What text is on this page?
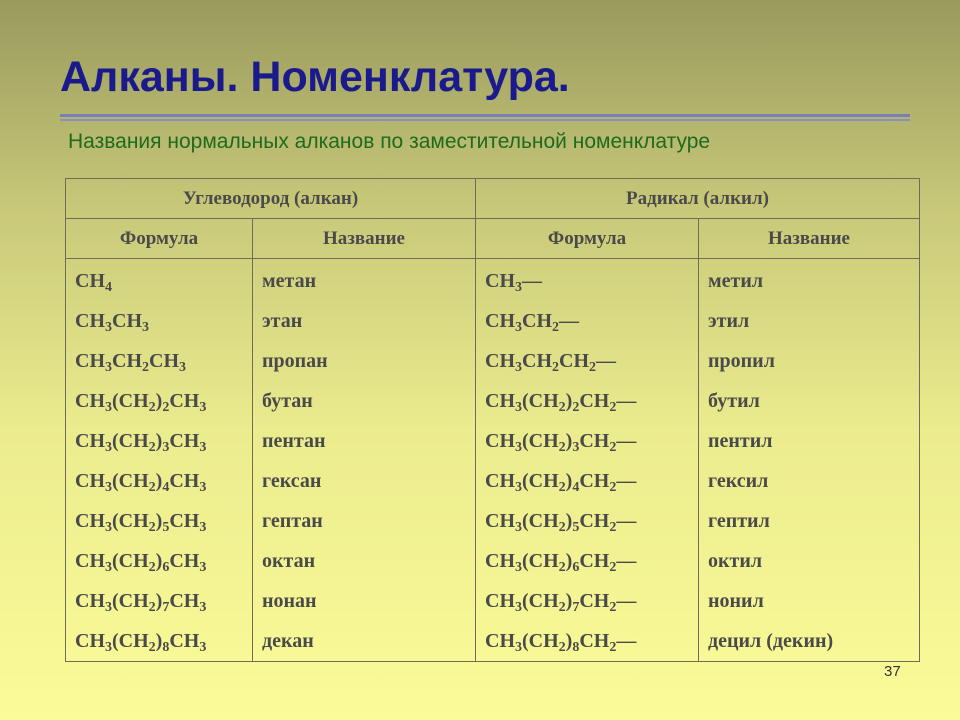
Алканы. Номенклатура.
Названия нормальных алканов по заместительной номенклатуре
Углеводород (алкан)		Радикал (алкил)	
Формула	Название	Формула	Название
$CH_4$	метан	$CH_3—$	метил
$CH_3CH_3$	этан	$CH_3CH_2—$	этил
$CH_3CH_2CH_3$	пропан	$CH_3CH_2CH_2—$	пропил
$CH_3(CH_2)_2CH_3$	бутан	$CH_3(CH_2)_2CH_2—$	бутил
$CH_3(CH_2)_3CH_3$	пентан	$CH_3(CH_2)_3CH_2—$	пентил
$CH_3(CH_2)_4CH_3$	гексан	$CH_3(CH_2)_4CH_2—$	гексил
$CH_3(CH_2)_5CH_3$	гептан	$CH_3(CH_2)_5CH_2—$	гептил
$CH_3(CH_2)_6CH_3$	октан	$CH_3(CH_2)_6CH_2—$	октил
$CH_3(CH_2)_7CH_3$	нонан	$CH_3(CH_2)_7CH_2—$	нонил
$CH_3(CH_2)_8CH_3$	декан	$CH_3(CH_2)_8CH_2—$	децил (декин)
37
